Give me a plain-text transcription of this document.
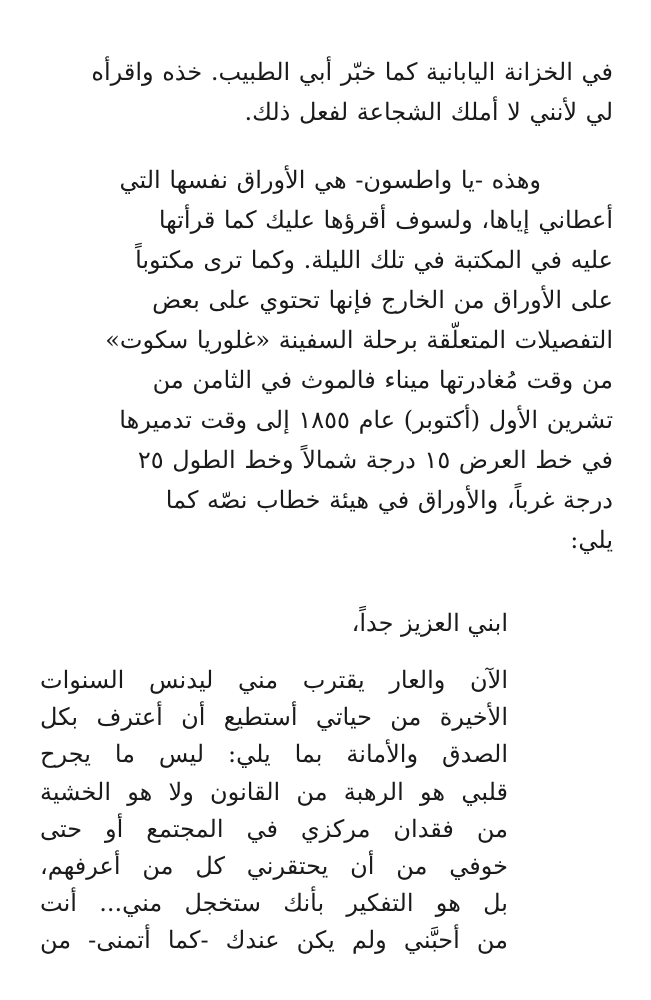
في الخزانة اليابانية كما خبّر أبي الطبيب. خذه واقرأه
لي لأنني لا أملك الشجاعة لفعل ذلك.

وهذه -يا واطسون- هي الأوراق نفسها التي
أعطاني إياها، ولسوف أقرؤها عليك كما قرأتها
عليه في المكتبة في تلك الليلة. وكما ترى مكتوباً
على الأوراق من الخارج فإنها تحتوي على بعض
التفصيلات المتعلّقة برحلة السفينة «غلوريا سكوت»
من وقت مُغادرتها ميناء فالموث في الثامن من
تشرين الأول (أكتوبر) عام ١٨٥٥ إلى وقت تدميرها
في خط العرض ١٥ درجة شمالاً وخط الطول ٢٥
درجة غرباً، والأوراق في هيئة خطاب نصّه كما
يلي:

ابني العزيز جداً،

الآن والعار يقترب مني ليدنس السنوات
الأخيرة من حياتي أستطيع أن أعترف بكل
الصدق والأمانة بما يلي: ليس ما يجرح
قلبي هو الرهبة من القانون ولا هو الخشية
من فقدان مركزي في المجتمع أو حتى
خوفي من أن يحتقرني كل من أعرفهم،
بل هو التفكير بأنك ستخجل مني... أنت
من أحبَّني ولم يكن عندك -كما أتمنى- من
